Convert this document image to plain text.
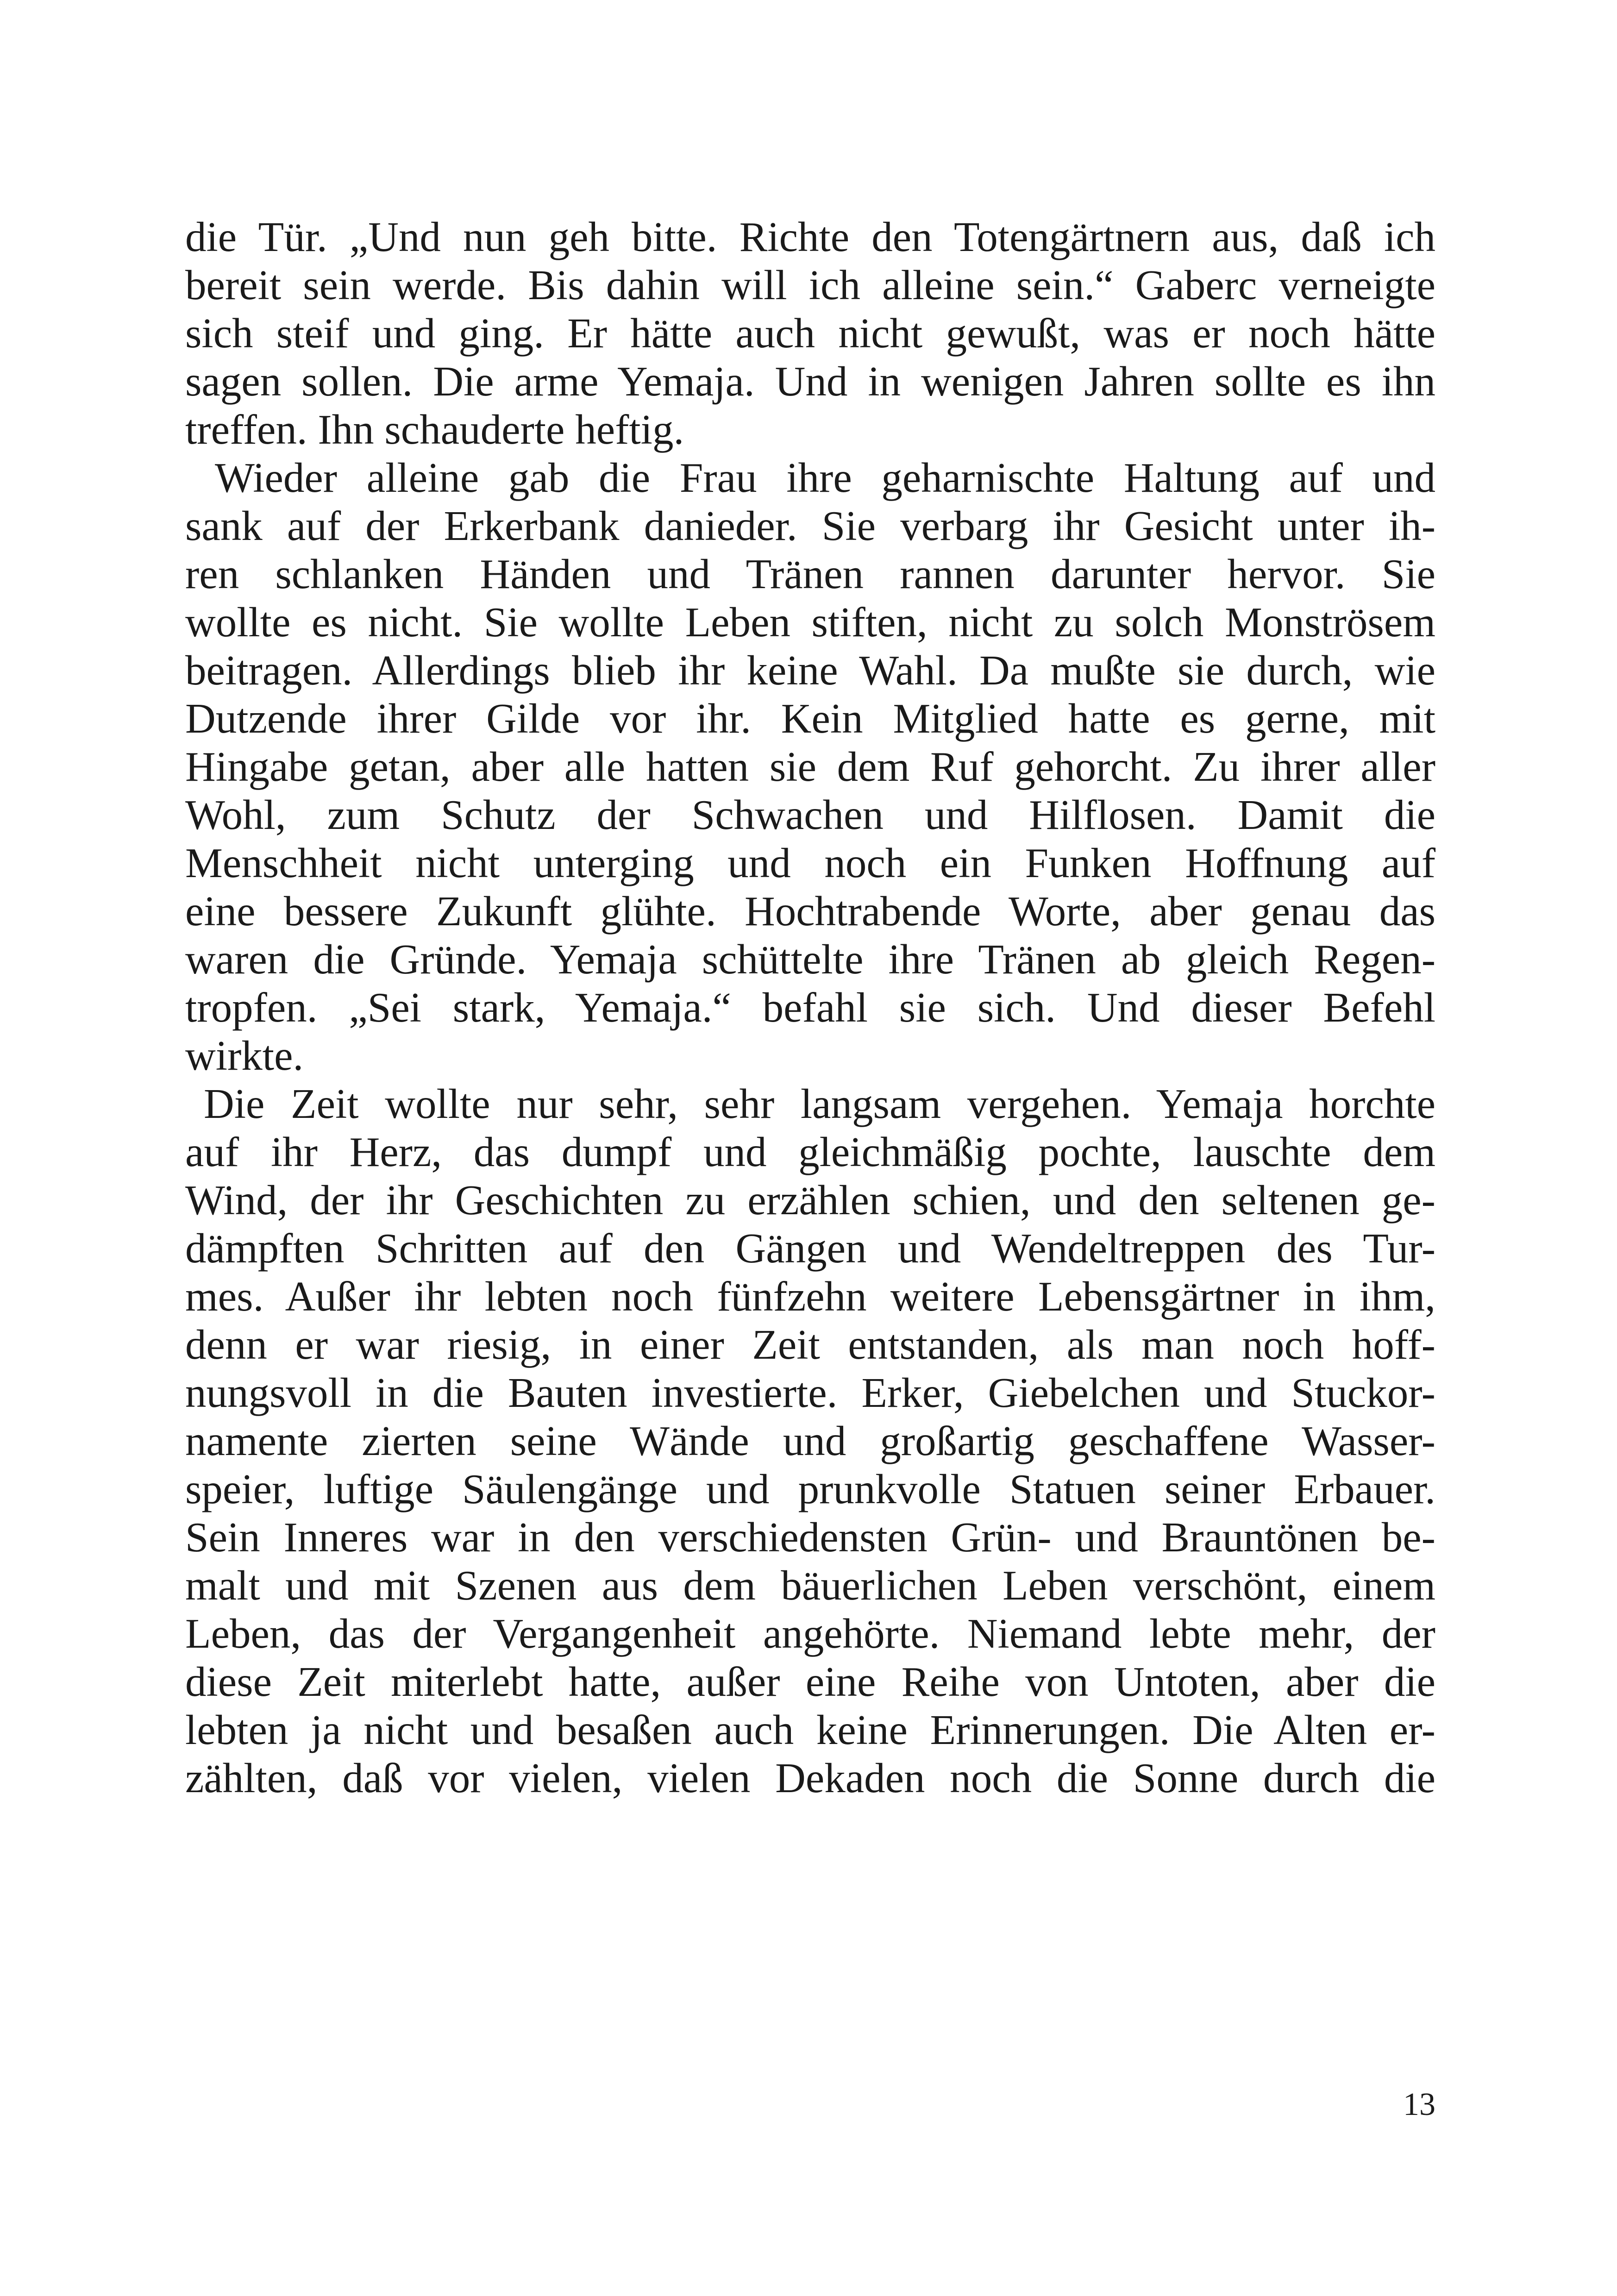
die Tür. „Und nun geh bitte. Richte den Totengärtnern aus, daß ich
bereit sein werde. Bis dahin will ich alleine sein.“ Gaberc verneigte
sich steif und ging. Er hätte auch nicht gewußt, was er noch hätte
sagen sollen. Die arme Yemaja. Und in wenigen Jahren sollte es ihn
treffen. Ihn schauderte heftig.
Wieder alleine gab die Frau ihre geharnischte Haltung auf und
sank auf der Erkerbank danieder. Sie verbarg ihr Gesicht unter ih-
ren schlanken Händen und Tränen rannen darunter hervor. Sie
wollte es nicht. Sie wollte Leben stiften, nicht zu solch Monströsem
beitragen. Allerdings blieb ihr keine Wahl. Da mußte sie durch, wie
Dutzende ihrer Gilde vor ihr. Kein Mitglied hatte es gerne, mit
Hingabe getan, aber alle hatten sie dem Ruf gehorcht. Zu ihrer aller
Wohl, zum Schutz der Schwachen und Hilflosen. Damit die
Menschheit nicht unterging und noch ein Funken Hoffnung auf
eine bessere Zukunft glühte. Hochtrabende Worte, aber genau das
waren die Gründe. Yemaja schüttelte ihre Tränen ab gleich Regen-
tropfen. „Sei stark, Yemaja.“ befahl sie sich. Und dieser Befehl
wirkte.
Die Zeit wollte nur sehr, sehr langsam vergehen. Yemaja horchte
auf ihr Herz, das dumpf und gleichmäßig pochte, lauschte dem
Wind, der ihr Geschichten zu erzählen schien, und den seltenen ge-
dämpften Schritten auf den Gängen und Wendeltreppen des Tur-
mes. Außer ihr lebten noch fünfzehn weitere Lebensgärtner in ihm,
denn er war riesig, in einer Zeit entstanden, als man noch hoff-
nungsvoll in die Bauten investierte. Erker, Giebelchen und Stuckor-
namente zierten seine Wände und großartig geschaffene Wasser-
speier, luftige Säulengänge und prunkvolle Statuen seiner Erbauer.
Sein Inneres war in den verschiedensten Grün- und Brauntönen be-
malt und mit Szenen aus dem bäuerlichen Leben verschönt, einem
Leben, das der Vergangenheit angehörte. Niemand lebte mehr, der
diese Zeit miterlebt hatte, außer eine Reihe von Untoten, aber die
lebten ja nicht und besaßen auch keine Erinnerungen. Die Alten er-
zählten, daß vor vielen, vielen Dekaden noch die Sonne durch die
13
